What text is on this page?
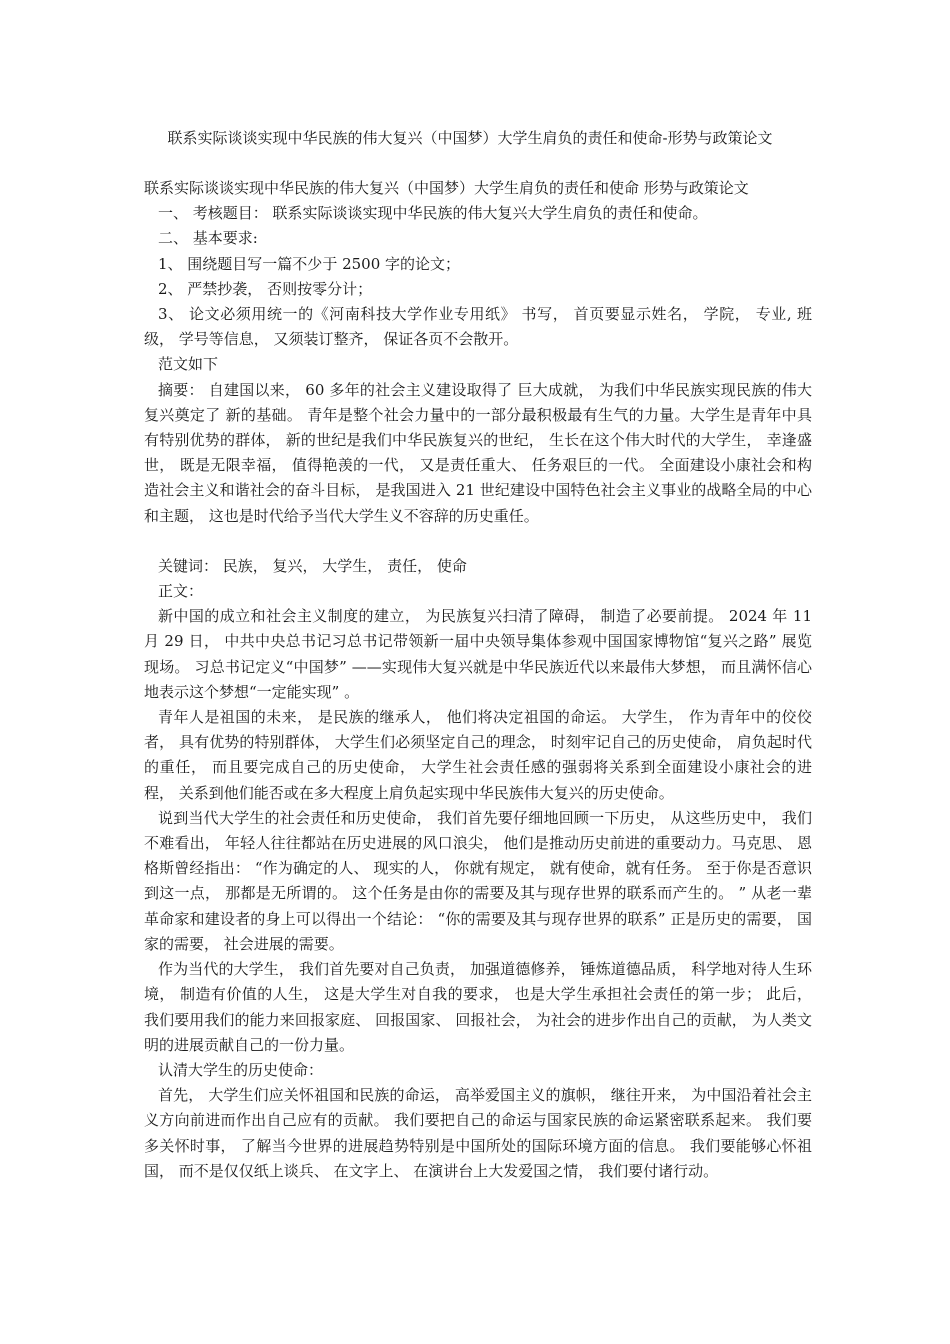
联系实际谈谈实现中华民族的伟大复兴（中国梦）大学生肩负的责任和使命-形势与政策论文

联系实际谈谈实现中华民族的伟大复兴（中国梦）大学生肩负的责任和使命 形势与政策论文

一、 考核题目： 联系实际谈谈实现中华民族的伟大复兴大学生肩负的责任和使命。

二、 基本要求:

1、 围绕题目写一篇不少于 2500 字的论文；

2、 严禁抄袭， 否则按零分计；

3、 论文必须用统一的《河南科技大学作业专用纸》 书写， 首页要显示姓名， 学院， 专业, 班级， 学号等信息， 又须装订整齐， 保证各页不会散开。

范文如下

摘要： 自建国以来， 60 多年的社会主义建设取得了 巨大成就， 为我们中华民族实现民族的伟大复兴奠定了 新的基础。 青年是整个社会力量中的一部分最积极最有生气的力量。大学生是青年中具有特别优势的群体， 新的世纪是我们中华民族复兴的世纪， 生长在这个伟大时代的大学生， 幸逢盛世， 既是无限幸福， 值得艳羡的一代， 又是责任重大、 任务艰巨的一代。 全面建设小康社会和构造社会主义和谐社会的奋斗目标， 是我国进入 21 世纪建设中国特色社会主义事业的战略全局的中心和主题， 这也是时代给予当代大学生义不容辞的历史重任。

关键词： 民族， 复兴， 大学生， 责任， 使命

正文：

新中国的成立和社会主义制度的建立， 为民族复兴扫清了障碍， 制造了必要前提。 2024 年 11 月 29 日， 中共中央总书记习总书记带领新一届中央领导集体参观中国国家博物馆“复兴之路” 展览现场。 习总书记定义“中国梦” ——实现伟大复兴就是中华民族近代以来最伟大梦想， 而且满怀信心地表示这个梦想“一定能实现” 。

青年人是祖国的未来， 是民族的继承人， 他们将决定祖国的命运。 大学生， 作为青年中的佼佼者， 具有优势的特别群体， 大学生们必须坚定自己的理念， 时刻牢记自己的历史使命， 肩负起时代的重任， 而且要完成自己的历史使命， 大学生社会责任感的强弱将关系到全面建设小康社会的进程， 关系到他们能否或在多大程度上肩负起实现中华民族伟大复兴的历史使命。

说到当代大学生的社会责任和历史使命， 我们首先要仔细地回顾一下历史， 从这些历史中， 我们不难看出， 年轻人往往都站在历史进展的风口浪尖， 他们是推动历史前进的重要动力。马克思、 恩格斯曾经指出： “作为确定的人、 现实的人， 你就有规定， 就有使命，就有任务。 至于你是否意识到这一点， 那都是无所谓的。 这个任务是由你的需要及其与现存世界的联系而产生的。 ” 从老一辈革命家和建设者的身上可以得出一个结论： “你的需要及其与现存世界的联系” 正是历史的需要， 国家的需要， 社会进展的需要。

作为当代的大学生， 我们首先要对自己负责， 加强道德修养， 锤炼道德品质， 科学地对待人生环境， 制造有价值的人生， 这是大学生对自我的要求， 也是大学生承担社会责任的第一步； 此后， 我们要用我们的能力来回报家庭、 回报国家、 回报社会， 为社会的进步作出自己的贡献， 为人类文明的进展贡献自己的一份力量。

认清大学生的历史使命：

首先， 大学生们应关怀祖国和民族的命运， 高举爱国主义的旗帜， 继往开来， 为中国沿着社会主义方向前进而作出自己应有的贡献。 我们要把自己的命运与国家民族的命运紧密联系起来。 我们要多关怀时事， 了解当今世界的进展趋势特别是中国所处的国际环境方面的信息。 我们要能够心怀祖国， 而不是仅仅纸上谈兵、 在文字上、 在演讲台上大发爱国之情， 我们要付诸行动。
